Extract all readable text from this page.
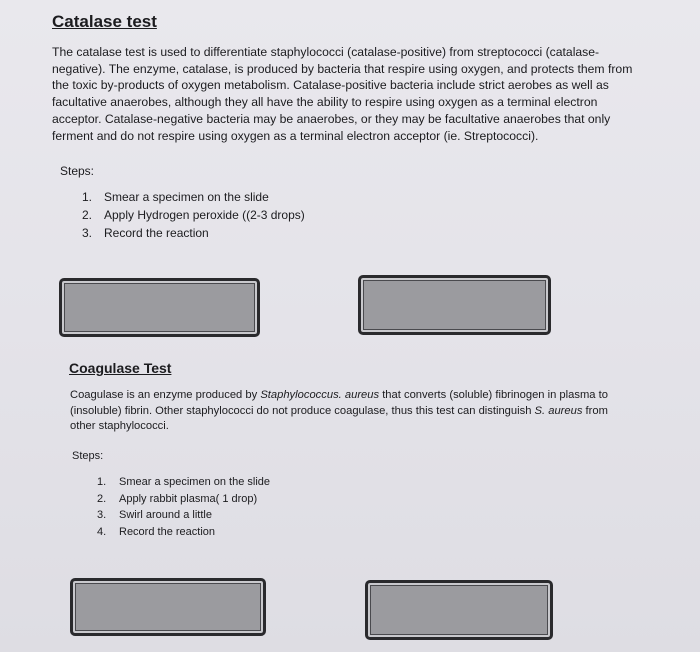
Catalase test

The catalase test is used to differentiate staphylococci (catalase-positive) from streptococci (catalase-negative). The enzyme, catalase, is produced by bacteria that respire using oxygen, and protects them from the toxic by-products of oxygen metabolism. Catalase-positive bacteria include strict aerobes as well as facultative anaerobes, although they all have the ability to respire using oxygen as a terminal electron acceptor. Catalase-negative bacteria may be anaerobes, or they may be facultative anaerobes that only ferment and do not respire using oxygen as a terminal electron acceptor (ie. Streptococci).

Steps:
1. Smear a specimen on the slide
2. Apply Hydrogen peroxide ((2-3 drops)
3. Record the reaction
Coagulase Test

Coagulase is an enzyme produced by Staphylococcus. aureus that converts (soluble) fibrinogen in plasma to (insoluble) fibrin. Other staphylococci do not produce coagulase, thus this test can distinguish S. aureus from other staphylococci.

Steps:
1. Smear a specimen on the slide
2. Apply rabbit plasma( 1 drop)
3. Swirl around a little
4. Record the reaction
